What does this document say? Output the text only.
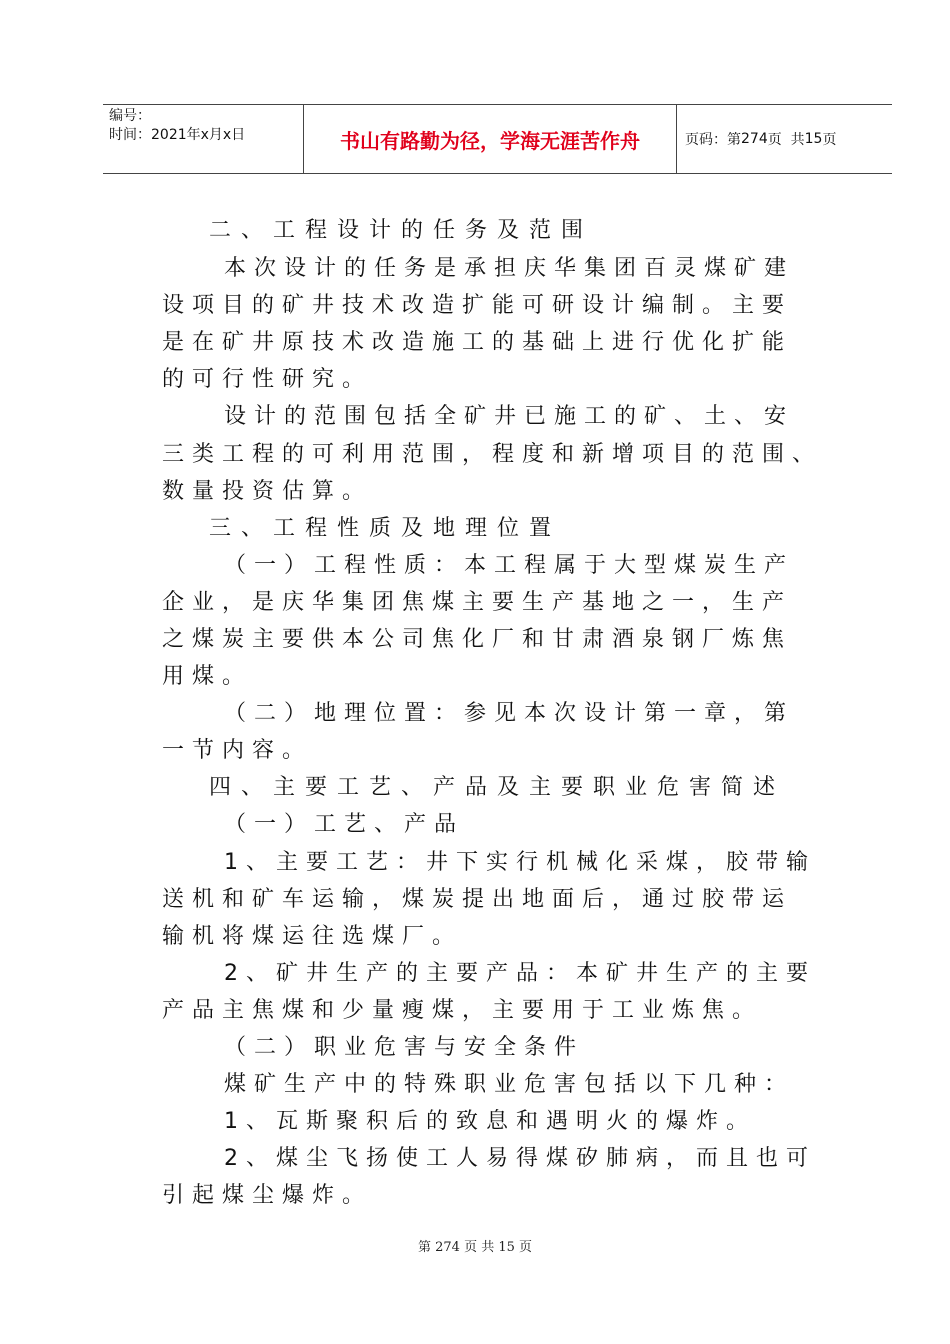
编号：
时间：2021年x月x日	书山有路勤为径，学海无涯苦作舟	页码：第 274 页  共 15 页
二、工程设计的任务及范围
本次设计的任务是承担庆华集团百灵煤矿建
设项目的矿井技术改造扩能可研设计编制。主要
是在矿井原技术改造施工的基础上进行优化扩能
的可行性研究。
设计的范围包括全矿井已施工的矿、土、安
三类工程的可利用范围，程度和新增项目的范围、
数量投资估算。
三、工程性质及地理位置
（一）工程性质：本工程属于大型煤炭生产
企业，是庆华集团焦煤主要生产基地之一，生产
之煤炭主要供本公司焦化厂和甘肃酒泉钢厂炼焦
用煤。
（二）地理位置：参见本次设计第一章，第
一节内容。
四、主要工艺、产品及主要职业危害简述
（一）工艺、产品
1、主要工艺：井下实行机械化采煤，胶带输
送机和矿车运输，煤炭提出地面后，通过胶带运
输机将煤运往选煤厂。
2、矿井生产的主要产品：本矿井生产的主要
产品主焦煤和少量瘦煤，主要用于工业炼焦。
（二）职业危害与安全条件
煤矿生产中的特殊职业危害包括以下几种：
1、瓦斯聚积后的致息和遇明火的爆炸。
2、煤尘飞扬使工人易得煤矽肺病，而且也可
引起煤尘爆炸。
第 274 页 共 15 页
